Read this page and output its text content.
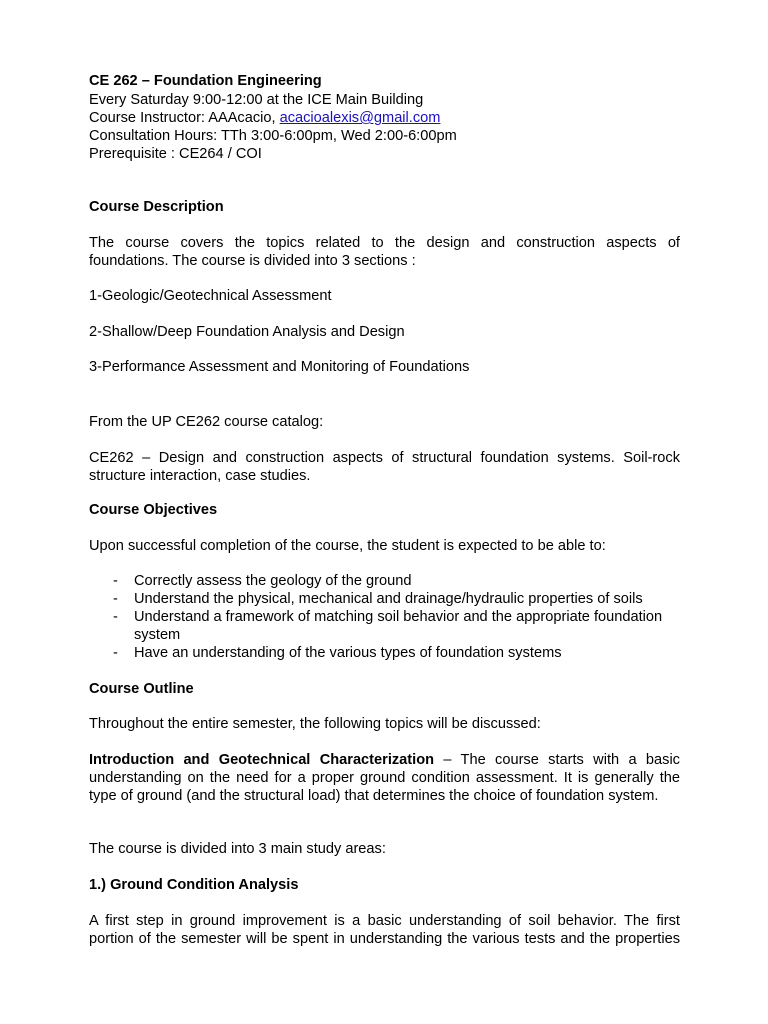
CE 262 – Foundation Engineering
Every Saturday 9:00-12:00 at the ICE Main Building
Course Instructor: AAAcacio, acacioalexis@gmail.com
Consultation Hours: TTh 3:00-6:00pm, Wed 2:00-6:00pm
Prerequisite : CE264 / COI
Course Description
The course covers the topics related to the design and construction aspects of
foundations. The course is divided into 3 sections :
1-Geologic/Geotechnical Assessment
2-Shallow/Deep Foundation Analysis and Design
3-Performance Assessment and Monitoring of Foundations
From the UP CE262 course catalog:
CE262 – Design and construction aspects of structural foundation systems. Soil-rock
structure interaction, case studies.
Course Objectives
Upon successful completion of the course, the student is expected to be able to:
- Correctly assess the geology of the ground
- Understand the physical, mechanical and drainage/hydraulic properties of soils
- Understand a framework of matching soil behavior and the appropriate foundation
system
- Have an understanding of the various types of foundation systems
Course Outline
Throughout the entire semester, the following topics will be discussed:
Introduction and Geotechnical Characterization – The course starts with a basic
understanding on the need for a proper ground condition assessment. It is generally the
type of ground (and the structural load) that determines the choice of foundation system.
The course is divided into 3 main study areas:
1.) Ground Condition Analysis
A first step in ground improvement is a basic understanding of soil behavior. The first
portion of the semester will be spent in understanding the various tests and the properties
